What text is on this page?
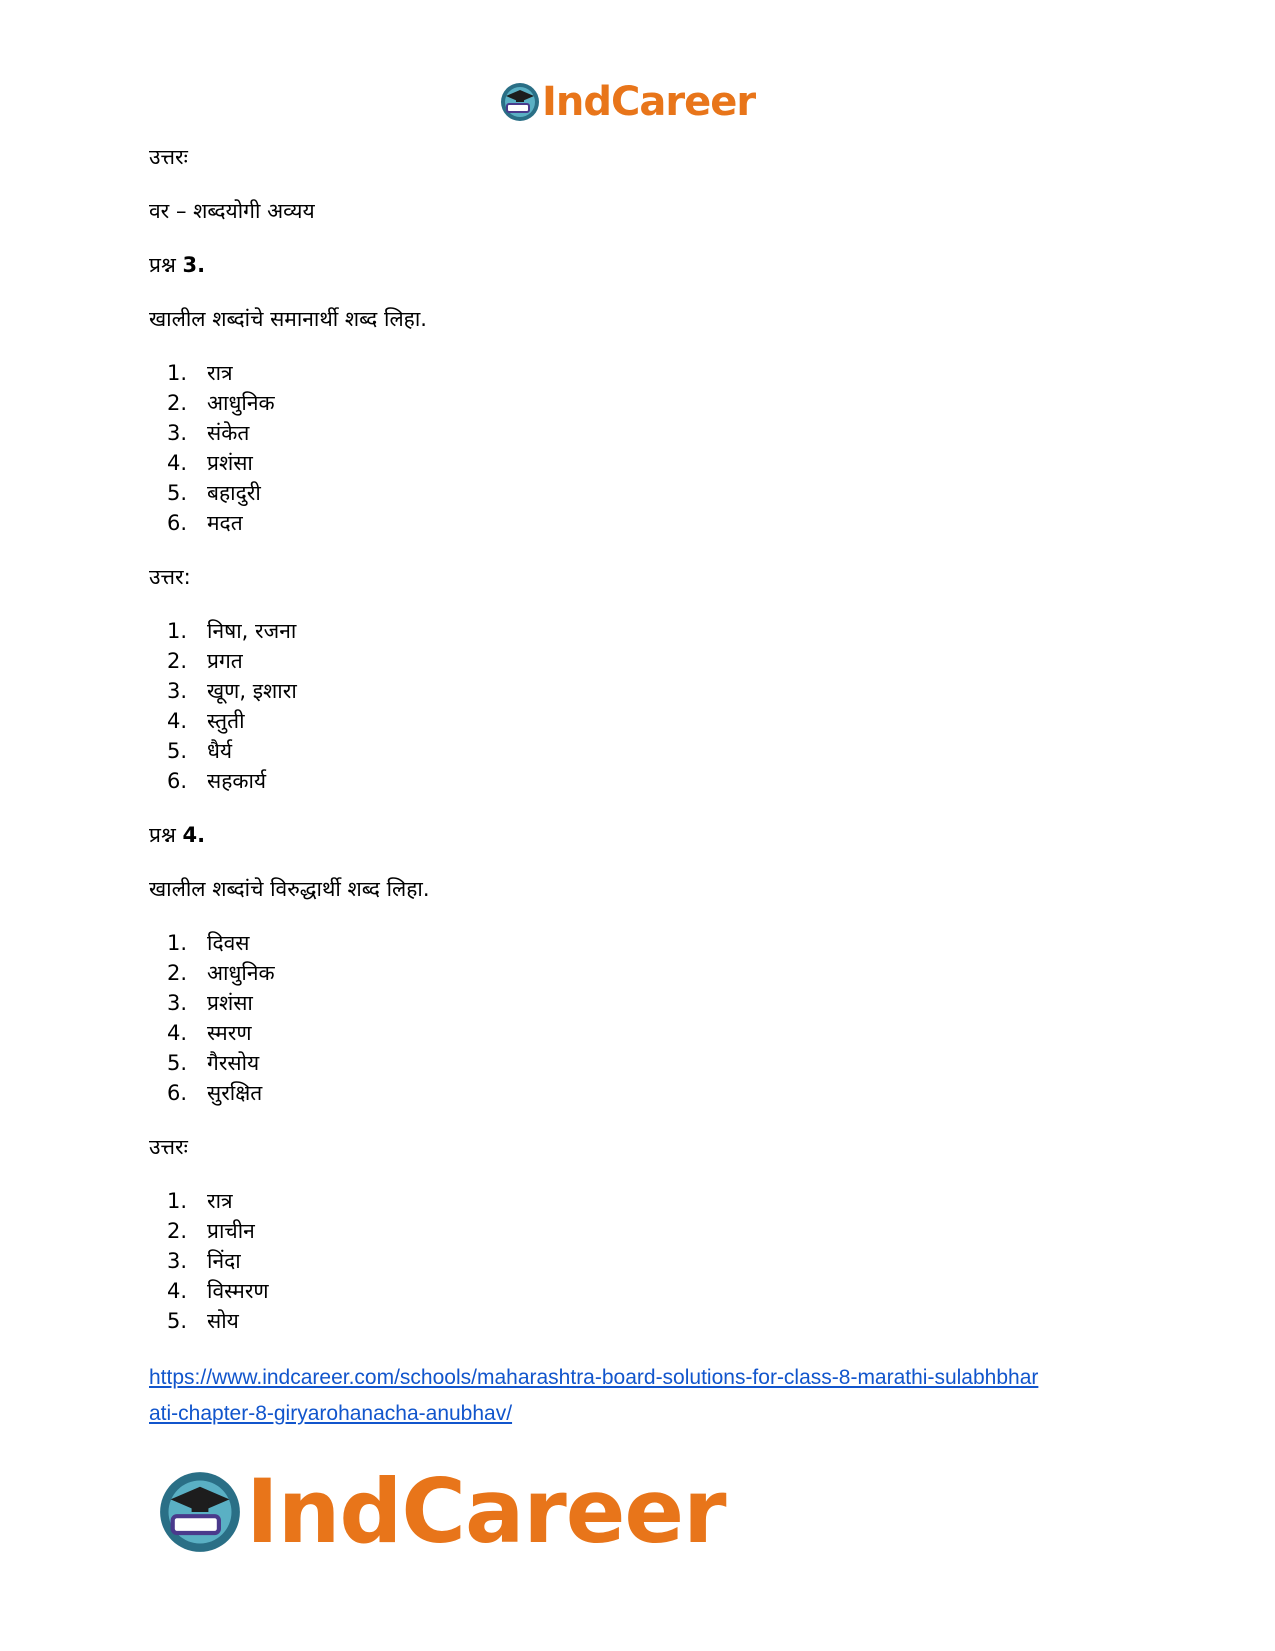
IndCareer

उत्तरः

वर – शब्दयोगी अव्यय

प्रश्न 3.

खालील शब्दांचे समानार्थी शब्द लिहा.

1. रात्र
2. आधुनिक
3. संकेत
4. प्रशंसा
5. बहादुरी
6. मदत

उत्तर:

1. निषा, रजना
2. प्रगत
3. खूण, इशारा
4. स्तुती
5. धैर्य
6. सहकार्य

प्रश्न 4.

खालील शब्दांचे विरुद्धार्थी शब्द लिहा.

1. दिवस
2. आधुनिक
3. प्रशंसा
4. स्मरण
5. गैरसोय
6. सुरक्षित

उत्तरः

1. रात्र
2. प्राचीन
3. निंदा
4. विस्मरण
5. सोय
https://www.indcareer.com/schools/maharashtra-board-solutions-for-class-8-marathi-sulabhbhar
ati-chapter-8-giryarohanacha-anubhav/
IndCareer
